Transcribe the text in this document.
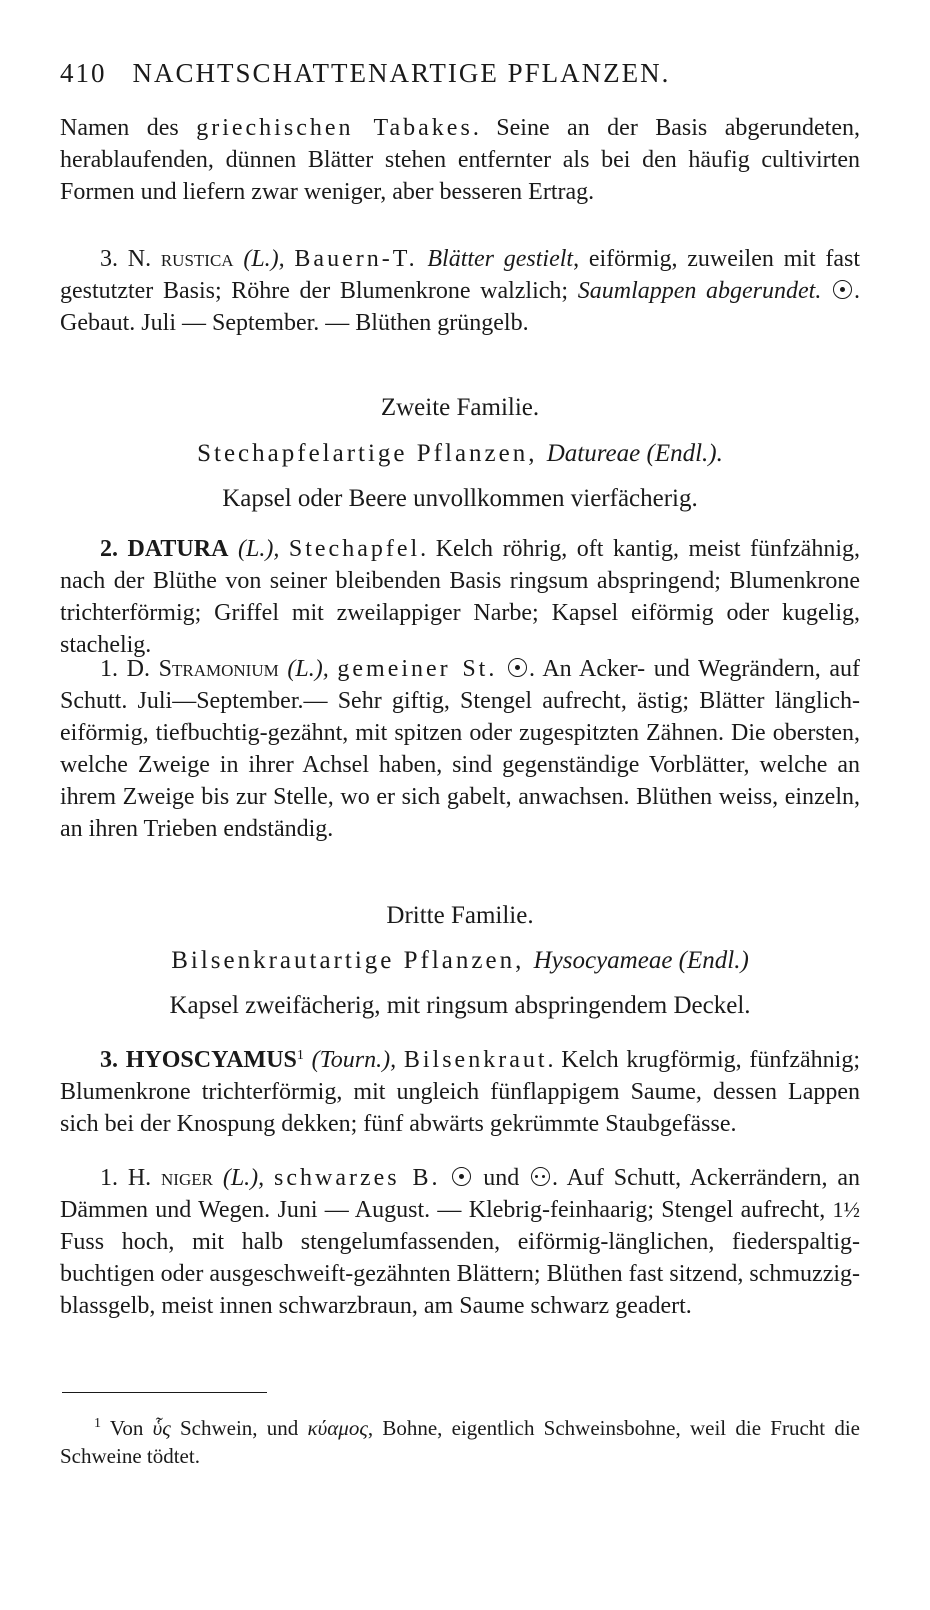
410 NACHTSCHATTENARTIGE PFLANZEN.
Namen des griechischen Tabakes. Seine an der Basis abgerundeten, herablaufenden, dünnen Blätter stehen entfernter als bei den häufig cultivirten Formen und liefern zwar weniger, aber besseren Ertrag.
3. N. rustica (L.), Bauern-T. Blätter gestielt, eiförmig, zuweilen mit fast gestutzter Basis; Röhre der Blumenkrone walzlich; Saumlappen abgerundet. . Gebaut. Juli — September. — Blüthen grüngelb.
Zweite Familie.
Stechapfelartige Pflanzen, Datureae (Endl.).
Kapsel oder Beere unvollkommen vierfächerig.
2. DATURA (L.), Stechapfel. Kelch röhrig, oft kantig, meist fünfzähnig, nach der Blüthe von seiner bleibenden Basis ringsum abspringend; Blumenkrone trichterförmig; Griffel mit zweilappiger Narbe; Kapsel eiförmig oder kugelig, stachelig.
1. D. Stramonium (L.), gemeiner St. . An Acker- und Wegrändern, auf Schutt. Juli—September.— Sehr giftig, Stengel aufrecht, ästig; Blätter länglich-eiförmig, tiefbuchtig-gezähnt, mit spitzen oder zugespitzten Zähnen. Die obersten, welche Zweige in ihrer Achsel haben, sind gegenständige Vorblätter, welche an ihrem Zweige bis zur Stelle, wo er sich gabelt, anwachsen. Blüthen weiss, einzeln, an ihren Trieben endständig.
Dritte Familie.
Bilsenkrautartige Pflanzen, Hysocyameae (Endl.)
Kapsel zweifächerig, mit ringsum abspringendem Deckel.
3. HYOSCYAMUS$^1$ (Tourn.), Bilsenkraut. Kelch krugförmig, fünfzähnig; Blumenkrone trichterförmig, mit ungleich fünflappigem Saume, dessen Lappen sich bei der Knospung dekken; fünf abwärts gekrümmte Staubgefässe.
1. H. niger (L.), schwarzes B.  und . Auf Schutt, Ackerrändern, an Dämmen und Wegen. Juni — August. — Klebrig-feinhaarig; Stengel aufrecht, 1½ Fuss hoch, mit halb stengelumfassenden, eiförmig-länglichen, fiederspaltig-buchtigen oder ausgeschweift-gezähnten Blättern; Blüthen fast sitzend, schmuzzig-blassgelb, meist innen schwarzbraun, am Saume schwarz geadert.
$^1$ Von ὗς Schwein, und κύαμος, Bohne, eigentlich Schweinsbohne, weil die Frucht die Schweine tödtet.
